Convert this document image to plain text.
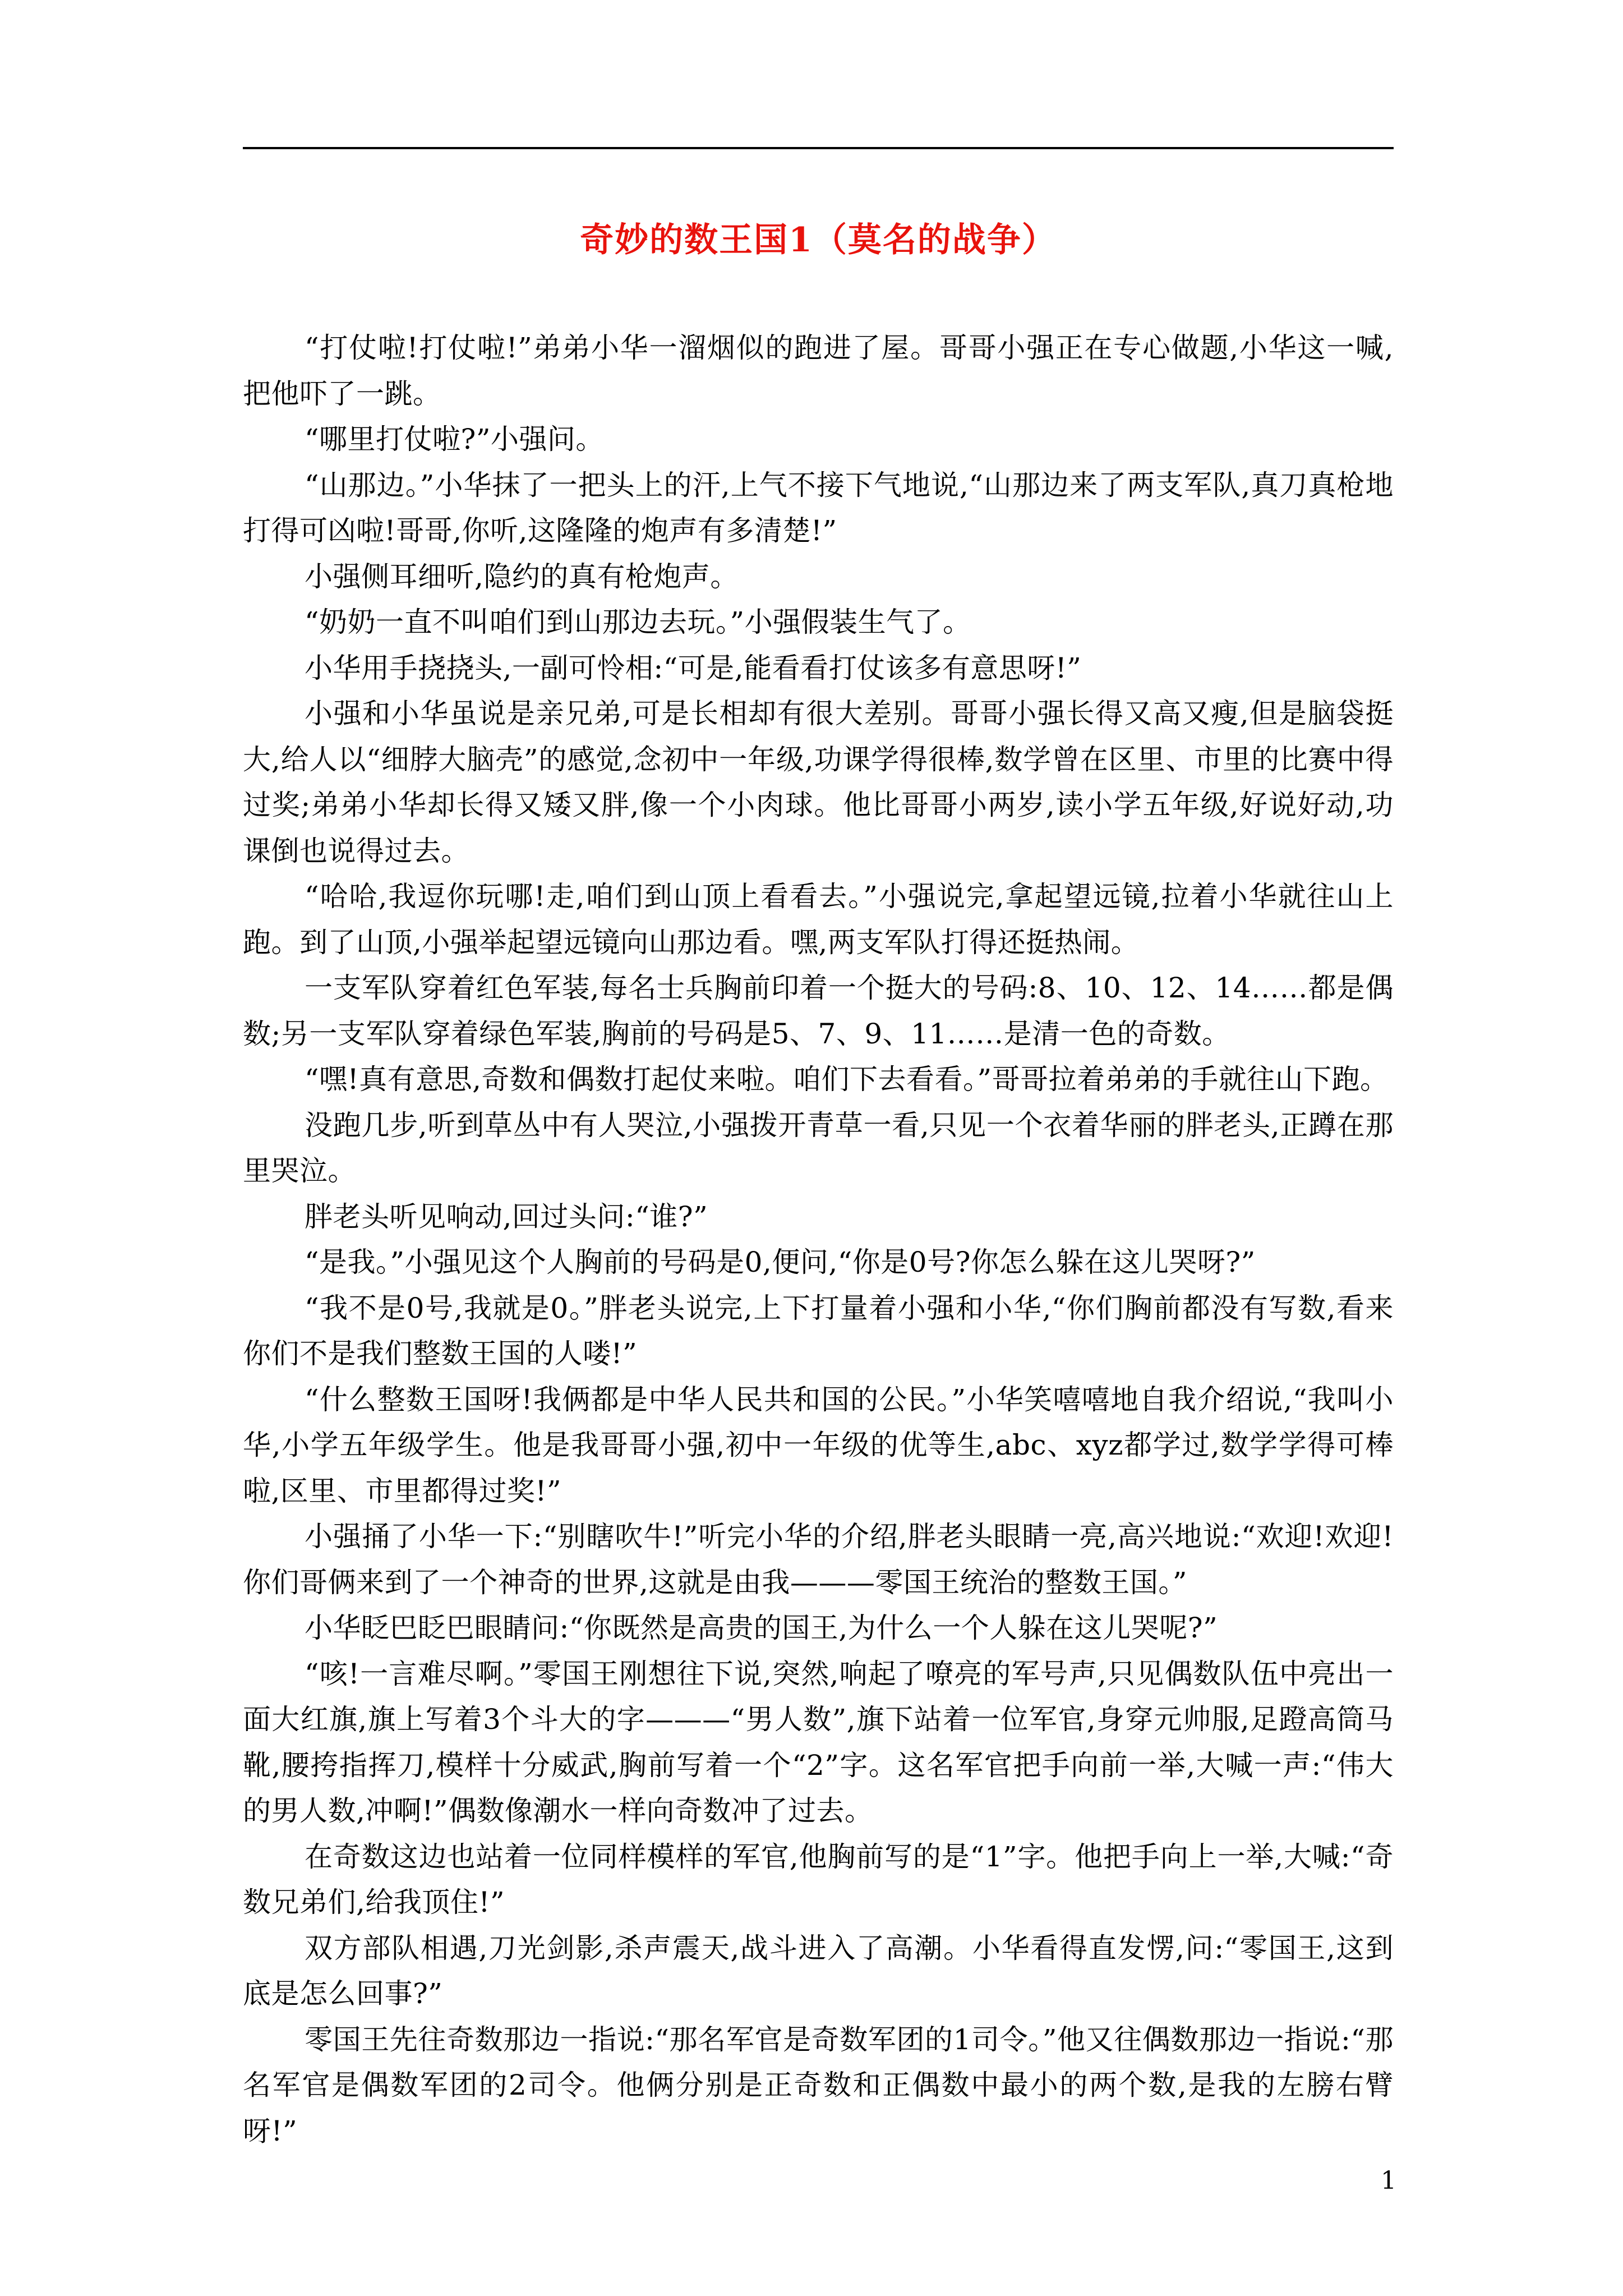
奇妙的数王国1（莫名的战争）

“打仗啦!打仗啦!”弟弟小华一溜烟似的跑进了屋。哥哥小强正在专心做题,小华这一喊,把他吓了一跳。

“哪里打仗啦?”小强问。

“山那边。”小华抹了一把头上的汗,上气不接下气地说,“山那边来了两支军队,真刀真枪地打得可凶啦!哥哥,你听,这隆隆的炮声有多清楚!”

小强侧耳细听,隐约的真有枪炮声。

“奶奶一直不叫咱们到山那边去玩。”小强假装生气了。

小华用手挠挠头,一副可怜相:“可是,能看看打仗该多有意思呀!”

小强和小华虽说是亲兄弟,可是长相却有很大差别。哥哥小强长得又高又瘦,但是脑袋挺大,给人以“细脖大脑壳”的感觉,念初中一年级,功课学得很棒,数学曾在区里、市里的比赛中得过奖;弟弟小华却长得又矮又胖,像一个小肉球。他比哥哥小两岁,读小学五年级,好说好动,功课倒也说得过去。

“哈哈,我逗你玩哪!走,咱们到山顶上看看去。”小强说完,拿起望远镜,拉着小华就往山上跑。到了山顶,小强举起望远镜向山那边看。嘿,两支军队打得还挺热闹。

一支军队穿着红色军装,每名士兵胸前印着一个挺大的号码:8、10、12、14……都是偶数;另一支军队穿着绿色军装,胸前的号码是5、7、9、11……是清一色的奇数。

“嘿!真有意思,奇数和偶数打起仗来啦。咱们下去看看。”哥哥拉着弟弟的手就往山下跑。

没跑几步,听到草丛中有人哭泣,小强拨开青草一看,只见一个衣着华丽的胖老头,正蹲在那里哭泣。

胖老头听见响动,回过头问:“谁?”

“是我。”小强见这个人胸前的号码是0,便问,“你是0号?你怎么躲在这儿哭呀?”

“我不是0号,我就是0。”胖老头说完,上下打量着小强和小华,“你们胸前都没有写数,看来你们不是我们整数王国的人喽!”

“什么整数王国呀!我俩都是中华人民共和国的公民。”小华笑嘻嘻地自我介绍说,“我叫小华,小学五年级学生。他是我哥哥小强,初中一年级的优等生,abc、xyz都学过,数学学得可棒啦,区里、市里都得过奖!”

小强捅了小华一下:“别瞎吹牛!”听完小华的介绍,胖老头眼睛一亮,高兴地说:“欢迎!欢迎!你们哥俩来到了一个神奇的世界,这就是由我———零国王统治的整数王国。”

小华眨巴眨巴眼睛问:“你既然是高贵的国王,为什么一个人躲在这儿哭呢?”

“咳!一言难尽啊。”零国王刚想往下说,突然,响起了嘹亮的军号声,只见偶数队伍中亮出一面大红旗,旗上写着3个斗大的字———“男人数”,旗下站着一位军官,身穿元帅服,足蹬高筒马靴,腰挎指挥刀,模样十分威武,胸前写着一个“2”字。这名军官把手向前一举,大喊一声:“伟大的男人数,冲啊!”偶数像潮水一样向奇数冲了过去。

在奇数这边也站着一位同样模样的军官,他胸前写的是“1”字。他把手向上一举,大喊:“奇数兄弟们,给我顶住!”

双方部队相遇,刀光剑影,杀声震天,战斗进入了高潮。小华看得直发愣,问:“零国王,这到底是怎么回事?”

零国王先往奇数那边一指说:“那名军官是奇数军团的1司令。”他又往偶数那边一指说:“那名军官是偶数军团的2司令。他俩分别是正奇数和正偶数中最小的两个数,是我的左膀右臂呀!”

1
